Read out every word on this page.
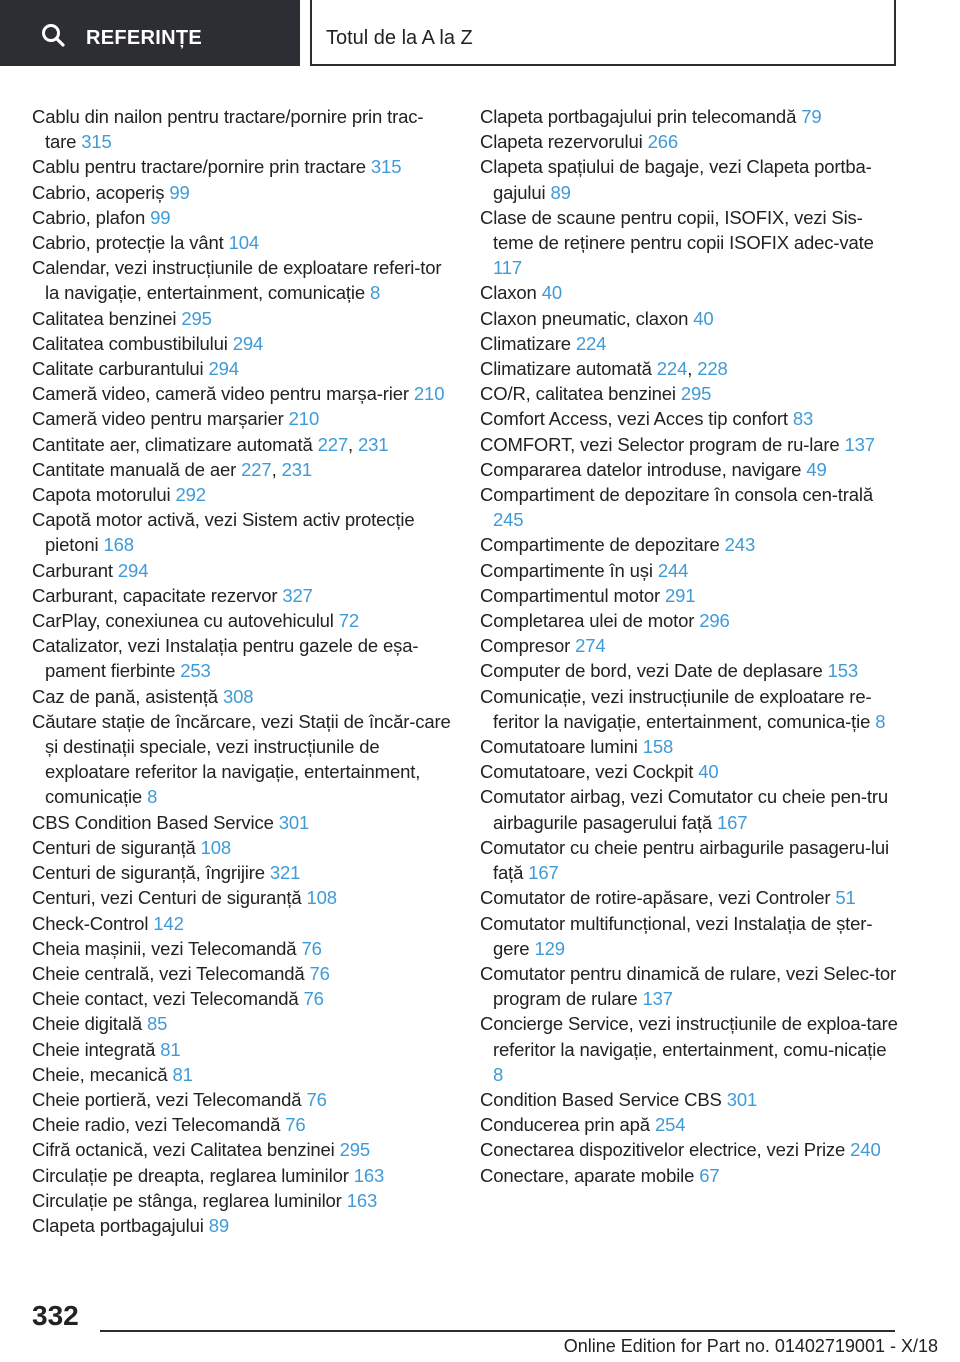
REFERINȚE	Totul de la A la Z
Cablu din nailon pentru tractare/pornire prin trac-tare 315
Cablu pentru tractare/pornire prin tractare 315
Cabrio, acoperiș 99
Cabrio, plafon 99
Cabrio, protecție la vânt 104
Calendar, vezi instrucțiunile de exploatare referi-tor la navigație, entertainment, comunicație 8
Calitatea benzinei 295
Calitatea combustibilului 294
Calitate carburantului 294
Cameră video, cameră video pentru marșa-rier 210
Cameră video pentru marșarier 210
Cantitate aer, climatizare automată 227, 231
Cantitate manuală de aer 227, 231
Capota motorului 292
Capotă motor activă, vezi Sistem activ protecție pietoni 168
Carburant 294
Carburant, capacitate rezervor 327
CarPlay, conexiunea cu autovehiculul 72
Catalizator, vezi Instalația pentru gazele de eșa-pament fierbinte 253
Caz de pană, asistență 308
Căutare stație de încărcare, vezi Stații de încăr-care și destinații speciale, vezi instrucțiunile de exploatare referitor la navigație, entertainment, comunicație 8
CBS Condition Based Service 301
Centuri de siguranță 108
Centuri de siguranță, îngrijire 321
Centuri, vezi Centuri de siguranță 108
Check-Control 142
Cheia mașinii, vezi Telecomandă 76
Cheie centrală, vezi Telecomandă 76
Cheie contact, vezi Telecomandă 76
Cheie digitală 85
Cheie integrată 81
Cheie, mecanică 81
Cheie portieră, vezi Telecomandă 76
Cheie radio, vezi Telecomandă 76
Cifră octanică, vezi Calitatea benzinei 295
Circulație pe dreapta, reglarea luminilor 163
Circulație pe stânga, reglarea luminilor 163
Clapeta portbagajului 89
Clapeta portbagajului prin telecomandă 79
Clapeta rezervorului 266
Clapeta spațiului de bagaje, vezi Clapeta portba-gajului 89
Clase de scaune pentru copii, ISOFIX, vezi Sis-teme de reținere pentru copii ISOFIX adec-vate 117
Claxon 40
Claxon pneumatic, claxon 40
Climatizare 224
Climatizare automată 224, 228
CO/R, calitatea benzinei 295
Comfort Access, vezi Acces tip confort 83
COMFORT, vezi Selector program de ru-lare 137
Compararea datelor introduse, navigare 49
Compartiment de depozitare în consola cen-trală 245
Compartimente de depozitare 243
Compartimente în uși 244
Compartimentul motor 291
Completarea ulei de motor 296
Compresor 274
Computer de bord, vezi Date de deplasare 153
Comunicație, vezi instrucțiunile de exploatare re-feritor la navigație, entertainment, comunica-ție 8
Comutatoare lumini 158
Comutatoare, vezi Cockpit 40
Comutator airbag, vezi Comutator cu cheie pen-tru airbagurile pasagerului față 167
Comutator cu cheie pentru airbagurile pasageru-lui față 167
Comutator de rotire-apăsare, vezi Controler 51
Comutator multifuncțional, vezi Instalația de șter-gere 129
Comutator pentru dinamică de rulare, vezi Selec-tor program de rulare 137
Concierge Service, vezi instrucțiunile de exploa-tare referitor la navigație, entertainment, comu-nicație 8
Condition Based Service CBS 301
Conducerea prin apă 254
Conectarea dispozitivelor electrice, vezi Prize 240
Conectare, aparate mobile 67
332
Online Edition for Part no. 01402719001 - X/18
